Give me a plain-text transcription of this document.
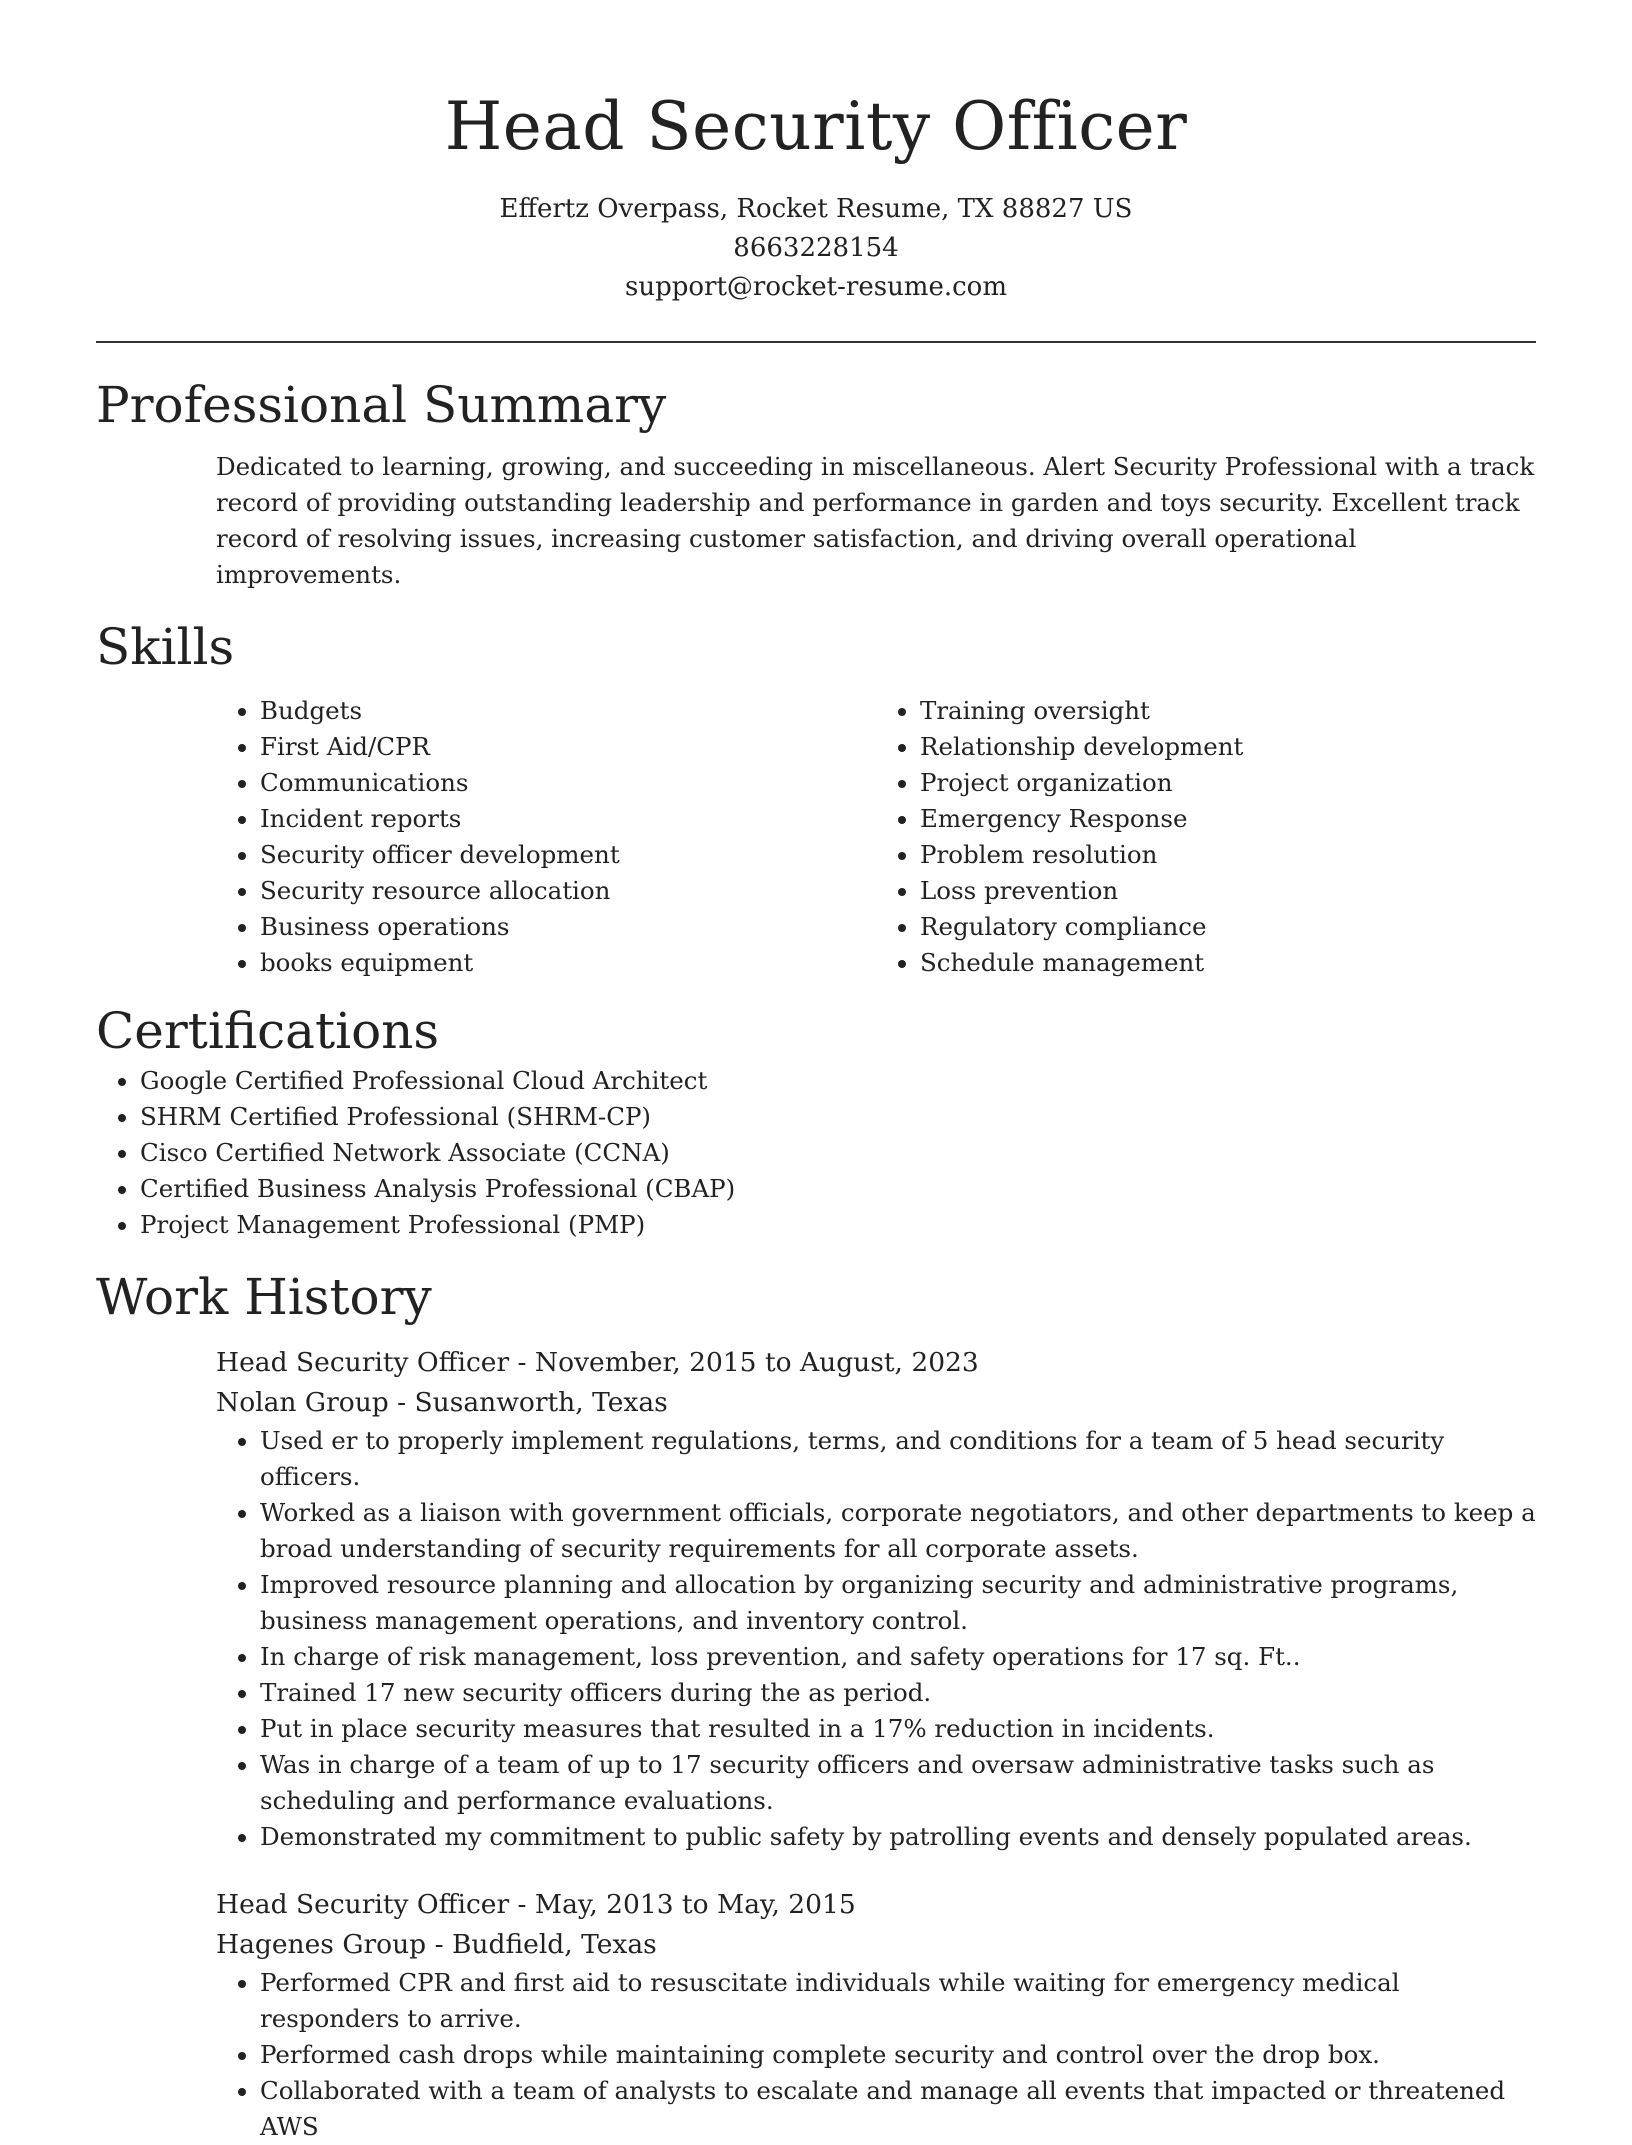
Head Security Officer
Effertz Overpass, Rocket Resume, TX 88827 US
8663228154
support@rocket-resume.com
Professional Summary

Dedicated to learning, growing, and succeeding in miscellaneous. Alert Security Professional with a track record of providing outstanding leadership and performance in garden and toys security. Excellent track record of resolving issues, increasing customer satisfaction, and driving overall operational improvements.

Skills
• Budgets
• First Aid/CPR
• Communications
• Incident reports
• Security officer development
• Security resource allocation
• Business operations
• books equipment
• Training oversight
• Relationship development
• Project organization
• Emergency Response
• Problem resolution
• Loss prevention
• Regulatory compliance
• Schedule management
Certifications
• Google Certified Professional Cloud Architect
• SHRM Certified Professional (SHRM-CP)
• Cisco Certified Network Associate (CCNA)
• Certified Business Analysis Professional (CBAP)
• Project Management Professional (PMP)
Work History
Head Security Officer - November, 2015 to August, 2023
Nolan Group - Susanworth, Texas
• Used er to properly implement regulations, terms, and conditions for a team of 5 head security officers.
• Worked as a liaison with government officials, corporate negotiators, and other departments to keep a broad understanding of security requirements for all corporate assets.
• Improved resource planning and allocation by organizing security and administrative programs, business management operations, and inventory control.
• In charge of risk management, loss prevention, and safety operations for 17 sq. Ft..
• Trained 17 new security officers during the as period.
• Put in place security measures that resulted in a 17% reduction in incidents.
• Was in charge of a team of up to 17 security officers and oversaw administrative tasks such as scheduling and performance evaluations.
• Demonstrated my commitment to public safety by patrolling events and densely populated areas.
Head Security Officer - May, 2013 to May, 2015
Hagenes Group - Budfield, Texas
• Performed CPR and first aid to resuscitate individuals while waiting for emergency medical responders to arrive.
• Performed cash drops while maintaining complete security and control over the drop box.
• Collaborated with a team of analysts to escalate and manage all events that impacted or threatened AWS
